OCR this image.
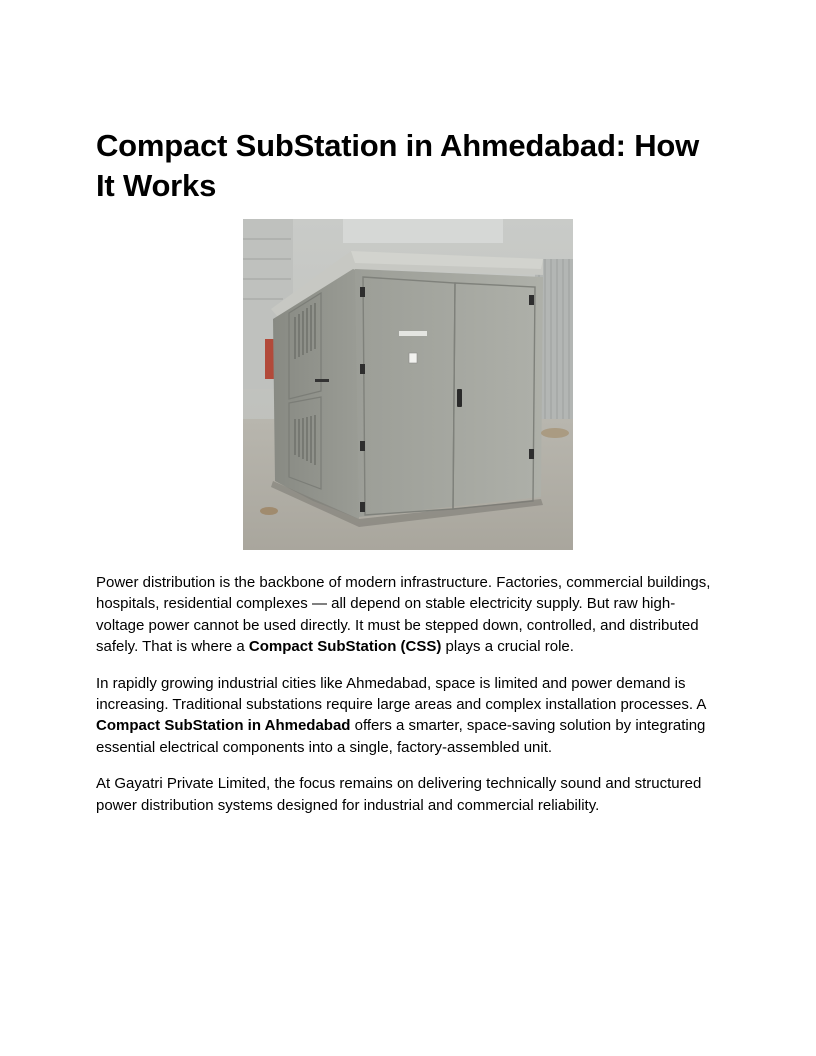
Compact SubStation in Ahmedabad: How It Works

Power distribution is the backbone of modern infrastructure. Factories, commercial buildings, hospitals, residential complexes — all depend on stable electricity supply. But raw high-voltage power cannot be used directly. It must be stepped down, controlled, and distributed safely. That is where a Compact SubStation (CSS) plays a crucial role.

In rapidly growing industrial cities like Ahmedabad, space is limited and power demand is increasing. Traditional substations require large areas and complex installation processes. A Compact SubStation in Ahmedabad offers a smarter, space-saving solution by integrating essential electrical components into a single, factory-assembled unit.

At Gayatri Private Limited, the focus remains on delivering technically sound and structured power distribution systems designed for industrial and commercial reliability.
